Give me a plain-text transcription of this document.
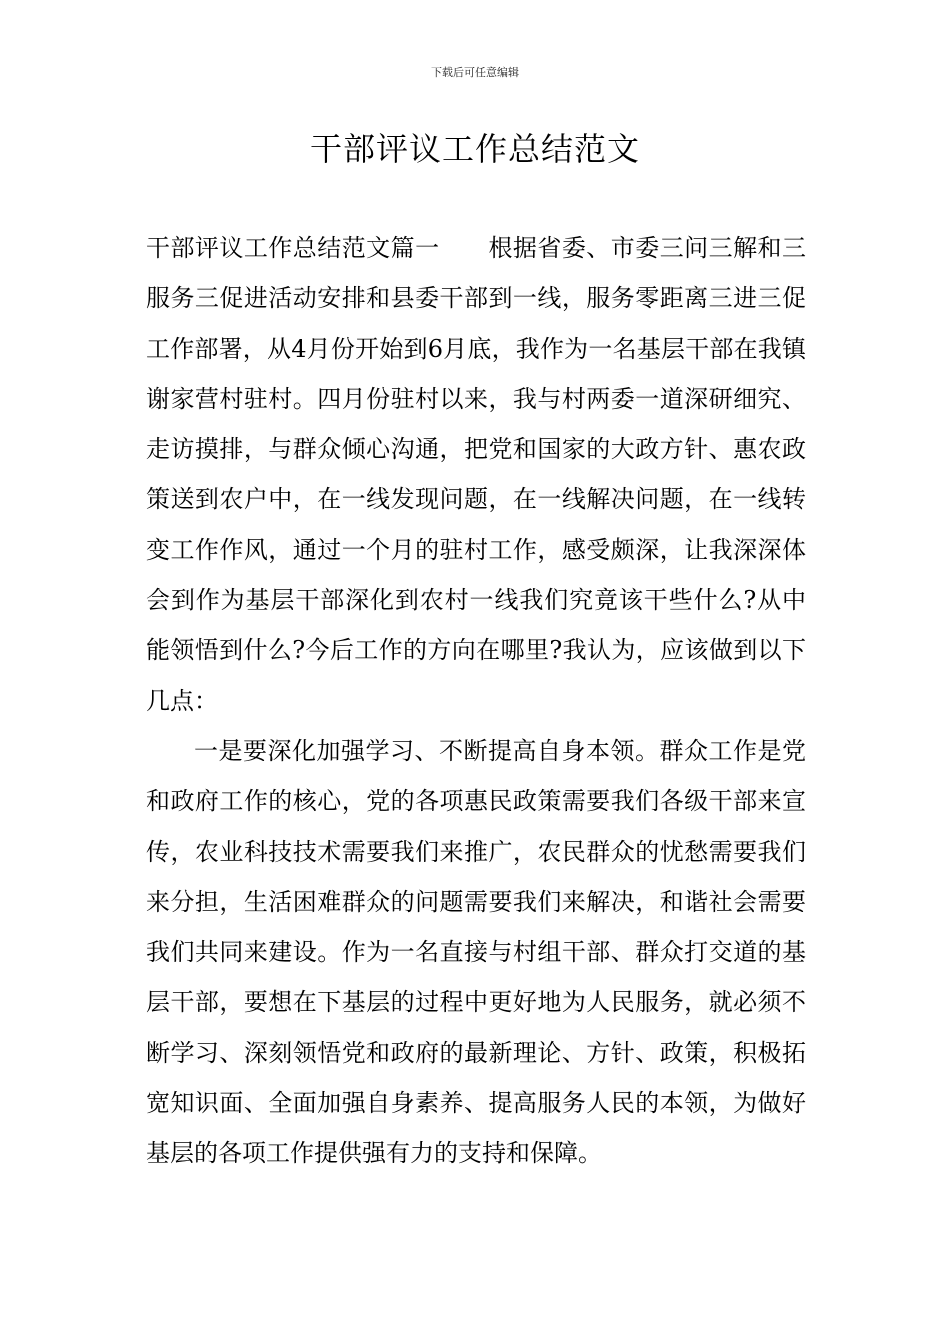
下载后可任意编辑
干部评议工作总结范文

干部评议工作总结范文篇一　　根据省委、市委三问三解和三服务三促进活动安排和县委干部到一线，服务零距离三进三促工作部署，从4月份开始到6月底，我作为一名基层干部在我镇谢家营村驻村。四月份驻村以来，我与村两委一道深研细究、走访摸排，与群众倾心沟通，把党和国家的大政方针、惠农政策送到农户中，在一线发现问题，在一线解决问题，在一线转变工作作风，通过一个月的驻村工作，感受颇深，让我深深体会到作为基层干部深化到农村一线我们究竟该干些什么?从中能领悟到什么?今后工作的方向在哪里?我认为，应该做到以下几点：

一是要深化加强学习、不断提高自身本领。群众工作是党和政府工作的核心，党的各项惠民政策需要我们各级干部来宣传，农业科技技术需要我们来推广，农民群众的忧愁需要我们来分担，生活困难群众的问题需要我们来解决，和谐社会需要我们共同来建设。作为一名直接与村组干部、群众打交道的基层干部，要想在下基层的过程中更好地为人民服务，就必须不断学习、深刻领悟党和政府的最新理论、方针、政策，积极拓宽知识面、全面加强自身素养、提高服务人民的本领，为做好基层的各项工作提供强有力的支持和保障。
